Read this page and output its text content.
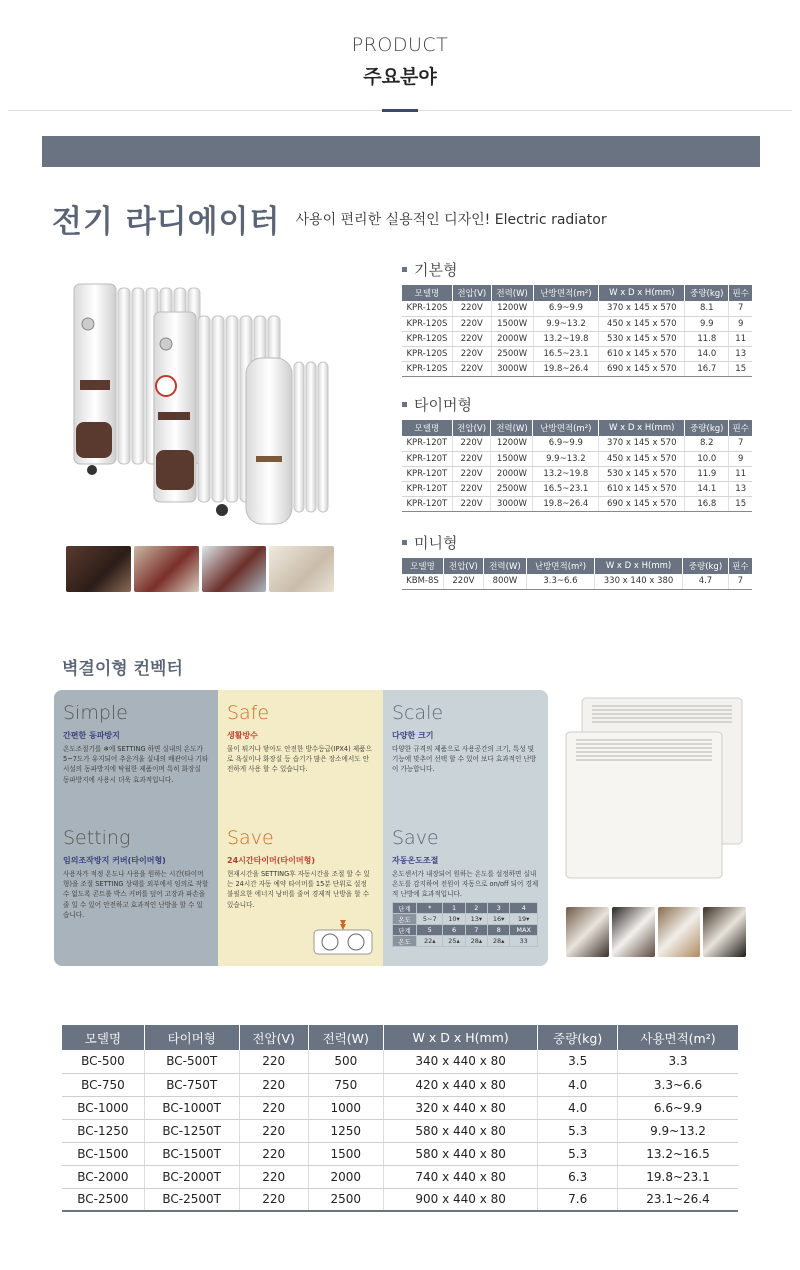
PRODUCT
주요분야
전기 라디에이터 사용이 편리한 실용적인 디자인! Electric radiator
기본형
모델명	전압(V)	전력(W)	난방면적(m²)	W x D x H(mm)	중량(kg)	핀수
KPR-120S	220V	1200W	6.9~9.9	370 x 145 x 570	8.1	7
KPR-120S	220V	1500W	9.9~13.2	450 x 145 x 570	9.9	9
KPR-120S	220V	2000W	13.2~19.8	530 x 145 x 570	11.8	11
KPR-120S	220V	2500W	16.5~23.1	610 x 145 x 570	14.0	13
KPR-120S	220V	3000W	19.8~26.4	690 x 145 x 570	16.7	15
타이머형
모델명	전압(V)	전력(W)	난방면적(m²)	W x D x H(mm)	중량(kg)	핀수
KPR-120T	220V	1200W	6.9~9.9	370 x 145 x 570	8.2	7
KPR-120T	220V	1500W	9.9~13.2	450 x 145 x 570	10.0	9
KPR-120T	220V	2000W	13.2~19.8	530 x 145 x 570	11.9	11
KPR-120T	220V	2500W	16.5~23.1	610 x 145 x 570	14.1	13
KPR-120T	220V	3000W	19.8~26.4	690 x 145 x 570	16.8	15
미니형
모델명	전압(V)	전력(W)	난방면적(m²)	W x D x H(mm)	중량(kg)	핀수
KBM-8S	220V	800W	3.3~6.6	330 x 140 x 380	4.7	7
벽결이형 컨벡터
Simple
간편한 동파방지
온도조절기를 ❄에 SETTING 하면 실내의 온도가 5~7도가 유지되어 추운겨울 실내의 배관이나 기타 시설의 동파방지에 탁월한 제품이며 특히 화장실 동파방지에 사용시 더욱 효과적입니다.
Safe
생활방수
물이 튀거나 닿아도 안전한 방수등급(IPX4) 제품으로 욕실이나 화장실 등 습기가 많은 장소에서도 안전하게 사용 할 수 있습니다.
Scale
다양한 크기
다양한 규격의 제품으로 사용공간의 크기, 특성 및 기능에 맞추어 선택 할 수 있어 보다 효과적인 난방이 가능합니다.
Setting
임의조작방지 커버(타이머형)
사용자가 적정 온도나 사용을 원하는 시간(타이머형)을 조절 SETTING 상태를 외부에서 임의로 작할 수 없도록 콘트롤 박스 커버를 덮어 고장과 파손을 줄 일 수 있어 안전하고 효과적인 난방을 할 수 있습니다.
Save
24시간타이머(타이머형)
현재시간을 SETTING후 자동시간을 조절 할 수 있는 24시간 자동 예약 타이머를 15분 단위로 설정 불필요한 에너지 낭비를 줄여 경제적 난방을 할 수 있습니다.
Save
자동온도조절
온도센서가 내장되어 원하는 온도를 설정하면 실내온도를 감지하여 전원이 자동으로 on/off 되어 경제적 난방에 효과적입니다.
단계	*	1	2	3	4
온도	5~7	10▾	13▾	16▾	19▾
단계	5	6	7	8	MAX
온도	22▴	25▴	28▴	28▴	33
모델명	타이머형	전압(V)	전력(W)	W x D x H(mm)	중량(kg)	사용면적(m²)
BC-500	BC-500T	220	500	340 x 440 x 80	3.5	3.3
BC-750	BC-750T	220	750	420 x 440 x 80	4.0	3.3~6.6
BC-1000	BC-1000T	220	1000	320 x 440 x 80	4.0	6.6~9.9
BC-1250	BC-1250T	220	1250	580 x 440 x 80	5.3	9.9~13.2
BC-1500	BC-1500T	220	1500	580 x 440 x 80	5.3	13.2~16.5
BC-2000	BC-2000T	220	2000	740 x 440 x 80	6.3	19.8~23.1
BC-2500	BC-2500T	220	2500	900 x 440 x 80	7.6	23.1~26.4
